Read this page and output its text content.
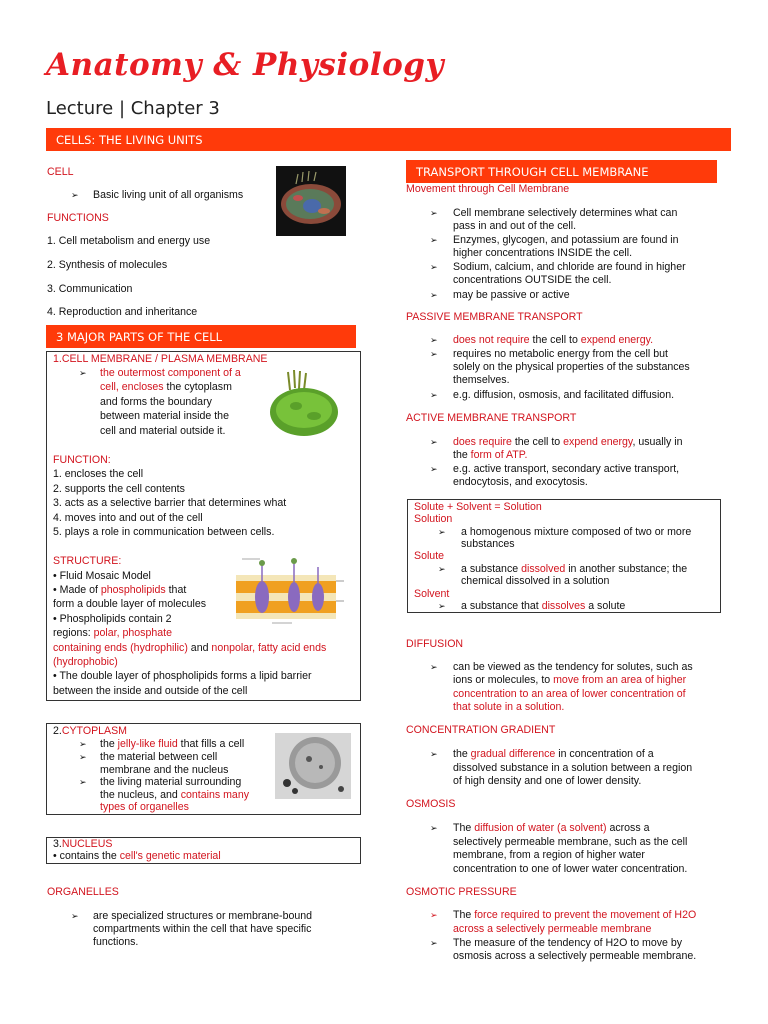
Anatomy & Physiology
Lecture | Chapter 3
CELLS: THE LIVING UNITS
CELL
➢ Basic living unit of all organisms
FUNCTIONS
1. Cell metabolism and energy use
2. Synthesis of molecules
3. Communication
4. Reproduction and inheritance
3 MAJOR PARTS OF THE CELL
1.CELL MEMBRANE / PLASMA MEMBRANE
➢ the outermost component of a
cell, encloses the cytoplasm
and forms the boundary
between material inside the
cell and material outside it.
FUNCTION:
1. encloses the cell
2. supports the cell contents
3. acts as a selective barrier that determines what
4. moves into and out of the cell
5. plays a role in communication between cells.
STRUCTURE:
• Fluid Mosaic Model
• Made of phospholipids that
form a double layer of molecules
• Phospholipids contain 2
regions: polar, phosphate
containing ends (hydrophilic) and nonpolar, fatty acid ends
(hydrophobic)
• The double layer of phospholipids forms a lipid barrier
between the inside and outside of the cell
2.CYTOPLASM
➢ the jelly-like fluid that fills a cell
➢ the material between cell
membrane and the nucleus
➢ the living material surrounding
the nucleus, and contains many
types of organelles
3.NUCLEUS
• contains the cell's genetic material
ORGANELLES
➢ are specialized structures or membrane-bound
compartments within the cell that have specific
functions.
TRANSPORT THROUGH CELL MEMBRANE
Movement through Cell Membrane
➢ Cell membrane selectively determines what can
pass in and out of the cell.
➢ Enzymes, glycogen, and potassium are found in
higher concentrations INSIDE the cell.
➢ Sodium, calcium, and chloride are found in higher
concentrations OUTSIDE the cell.
➢ may be passive or active
PASSIVE MEMBRANE TRANSPORT
➢ does not require the cell to expend energy.
➢ requires no metabolic energy from the cell but
solely on the physical properties of the substances
themselves.
➢ e.g. diffusion, osmosis, and facilitated diffusion.
ACTIVE MEMBRANE TRANSPORT
➢ does require the cell to expend energy, usually in
the form of ATP.
➢ e.g. active transport, secondary active transport,
endocytosis, and exocytosis.
Solute + Solvent = Solution
Solution
➢ a homogenous mixture composed of two or more
substances
Solute
➢ a substance dissolved in another substance; the
chemical dissolved in a solution
Solvent
➢ a substance that dissolves a solute
DIFFUSION
➢ can be viewed as the tendency for solutes, such as
ions or molecules, to move from an area of higher
concentration to an area of lower concentration of
that solute in a solution.
CONCENTRATION GRADIENT
➢ the gradual difference in concentration of a
dissolved substance in a solution between a region
of high density and one of lower density.
OSMOSIS
➢ The diffusion of water (a solvent) across a
selectively permeable membrane, such as the cell
membrane, from a region of higher water
concentration to one of lower water concentration.
OSMOTIC PRESSURE
➢ The force required to prevent the movement of H2O
across a selectively permeable membrane
➢ The measure of the tendency of H2O to move by
osmosis across a selectively permeable membrane.
